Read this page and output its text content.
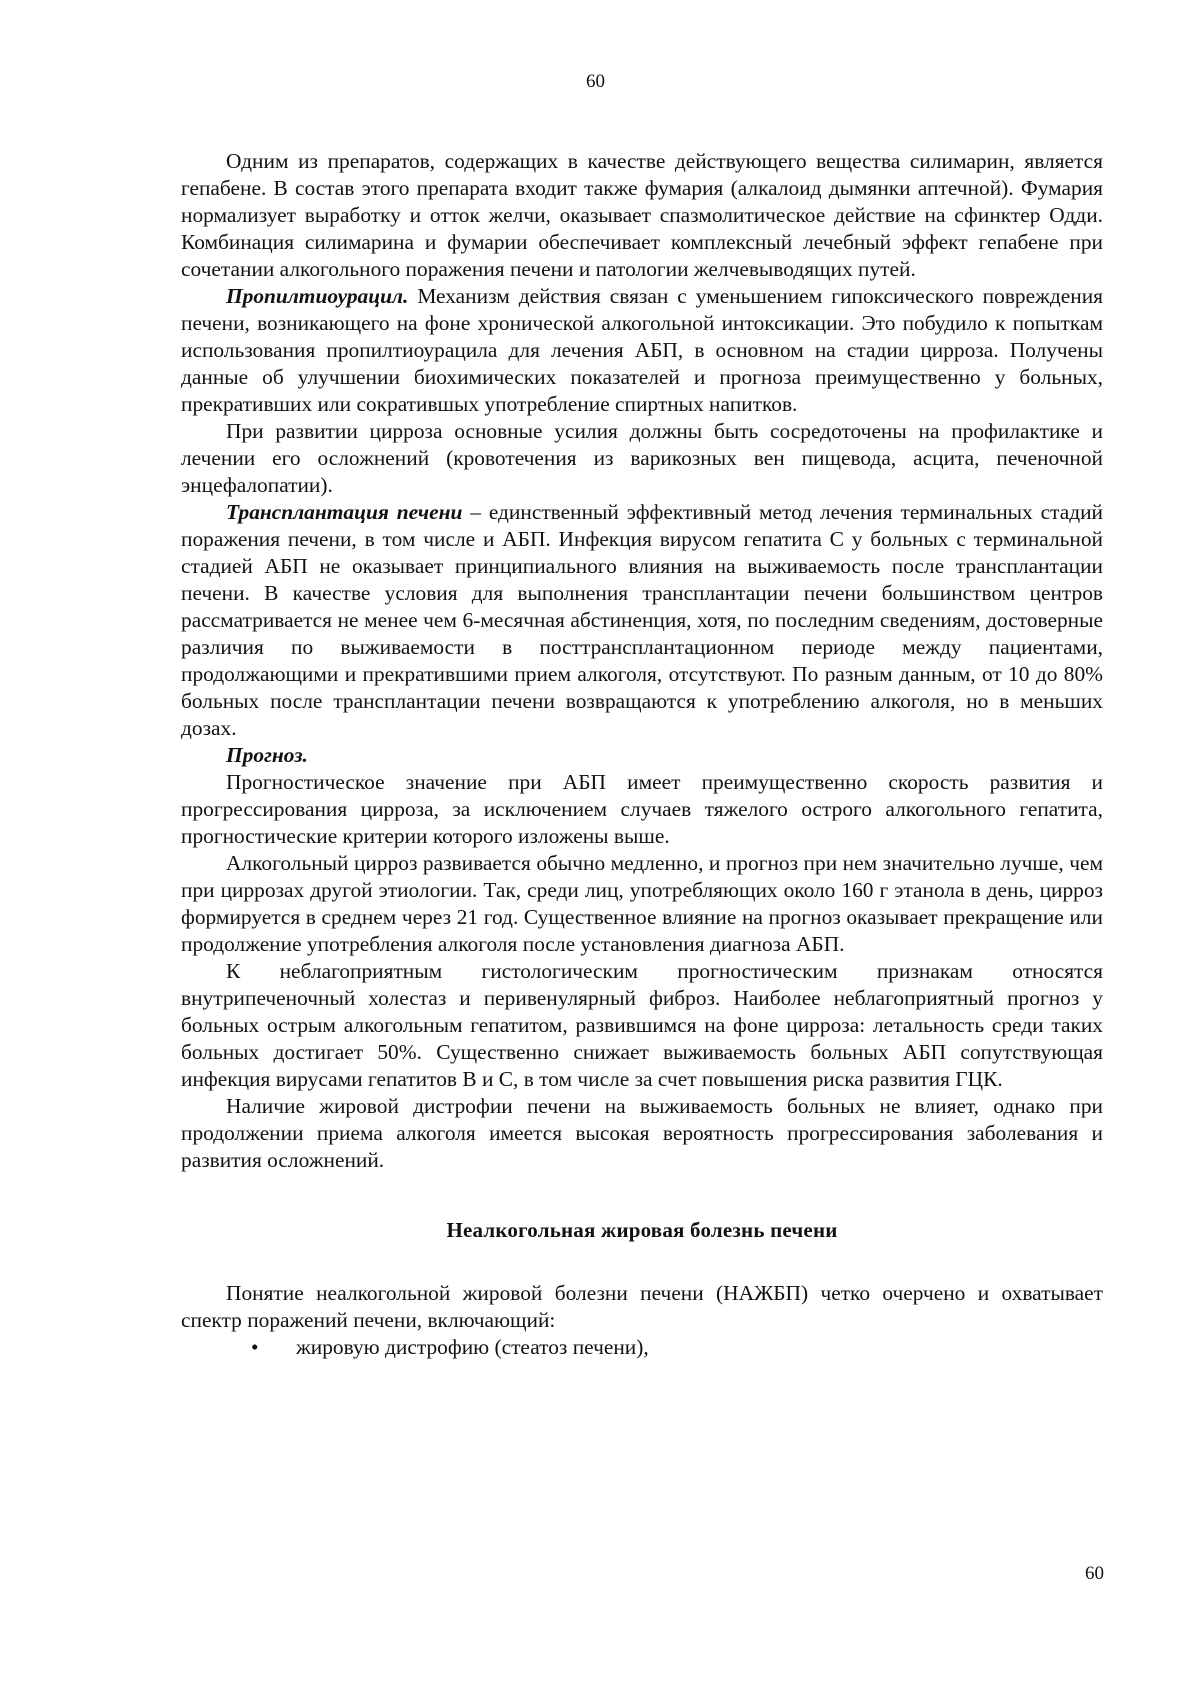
60

Одним из препаратов, содержащих в качестве действующего вещества силимарин, является гепабене. В состав этого препарата входит также фумария (алкалоид дымянки аптечной). Фумария нормализует выработку и отток желчи, оказывает спазмолитическое действие на сфинктер Одди. Комбинация силимарина и фумарии обеспечивает комплексный лечебный эффект гепабене при сочетании алкогольного поражения печени и патологии желчевыводящих путей.

Пропилтиоурацил. Механизм действия связан с уменьшением гипоксического повреждения печени, возникающего на фоне хронической алкогольной интоксикации. Это побудило к попыткам использования пропилтиоурацила для лечения АБП, в основном на стадии цирроза. Получены данные об улучшении биохимических показателей и прогноза преимущественно у больных, прекративших или сократившых употребление спиртных напитков.

При развитии цирроза основные усилия должны быть сосредоточены на профилактике и лечении его осложнений (кровотечения из варикозных вен пищевода, асцита, печеночной энцефалопатии).

Трансплантация печени – единственный эффективный метод лечения терминальных стадий поражения печени, в том числе и АБП. Инфекция вирусом гепатита С у больных с терминальной стадией АБП не оказывает принципиального влияния на выживаемость после трансплантации печени. В качестве условия для выполнения трансплантации печени большинством центров рассматривается не менее чем 6-месячная абстиненция, хотя, по последним сведениям, достоверные различия по выживаемости в посттрансплантационном периоде между пациентами, продолжающими и прекратившими прием алкоголя, отсутствуют. По разным данным, от 10 до 80% больных после трансплантации печени возвращаются к употреблению алкоголя, но в меньших дозах.

Прогноз.

Прогностическое значение при АБП имеет преимущественно скорость развития и прогрессирования цирроза, за исключением случаев тяжелого острого алкогольного гепатита, прогностические критерии которого изложены выше.

Алкогольный цирроз развивается обычно медленно, и прогноз при нем значительно лучше, чем при циррозах другой этиологии. Так, среди лиц, употребляющих около 160 г этанола в день, цирроз формируется в среднем через 21 год. Существенное влияние на прогноз оказывает прекращение или продолжение употребления алкоголя после установления диагноза АБП.

К неблагоприятным гистологическим прогностическим признакам относятся внутрипеченочный холестаз и перивенулярный фиброз. Наиболее неблагоприятный прогноз у больных острым алкогольным гепатитом, развившимся на фоне цирроза: летальность среди таких больных достигает 50%. Существенно снижает выживаемость больных АБП сопутствующая инфекция вирусами гепатитов В и С, в том числе за счет повышения риска развития ГЦК.

Наличие жировой дистрофии печени на выживаемость больных не влияет, однако при продолжении приема алкоголя имеется высокая вероятность прогрессирования заболевания и развития осложнений.

Неалкогольная жировая болезнь печени

Понятие неалкогольной жировой болезни печени (НАЖБП) четко очерчено и охватывает спектр поражений печени, включающий:

• жировую дистрофию (стеатоз печени),
60
